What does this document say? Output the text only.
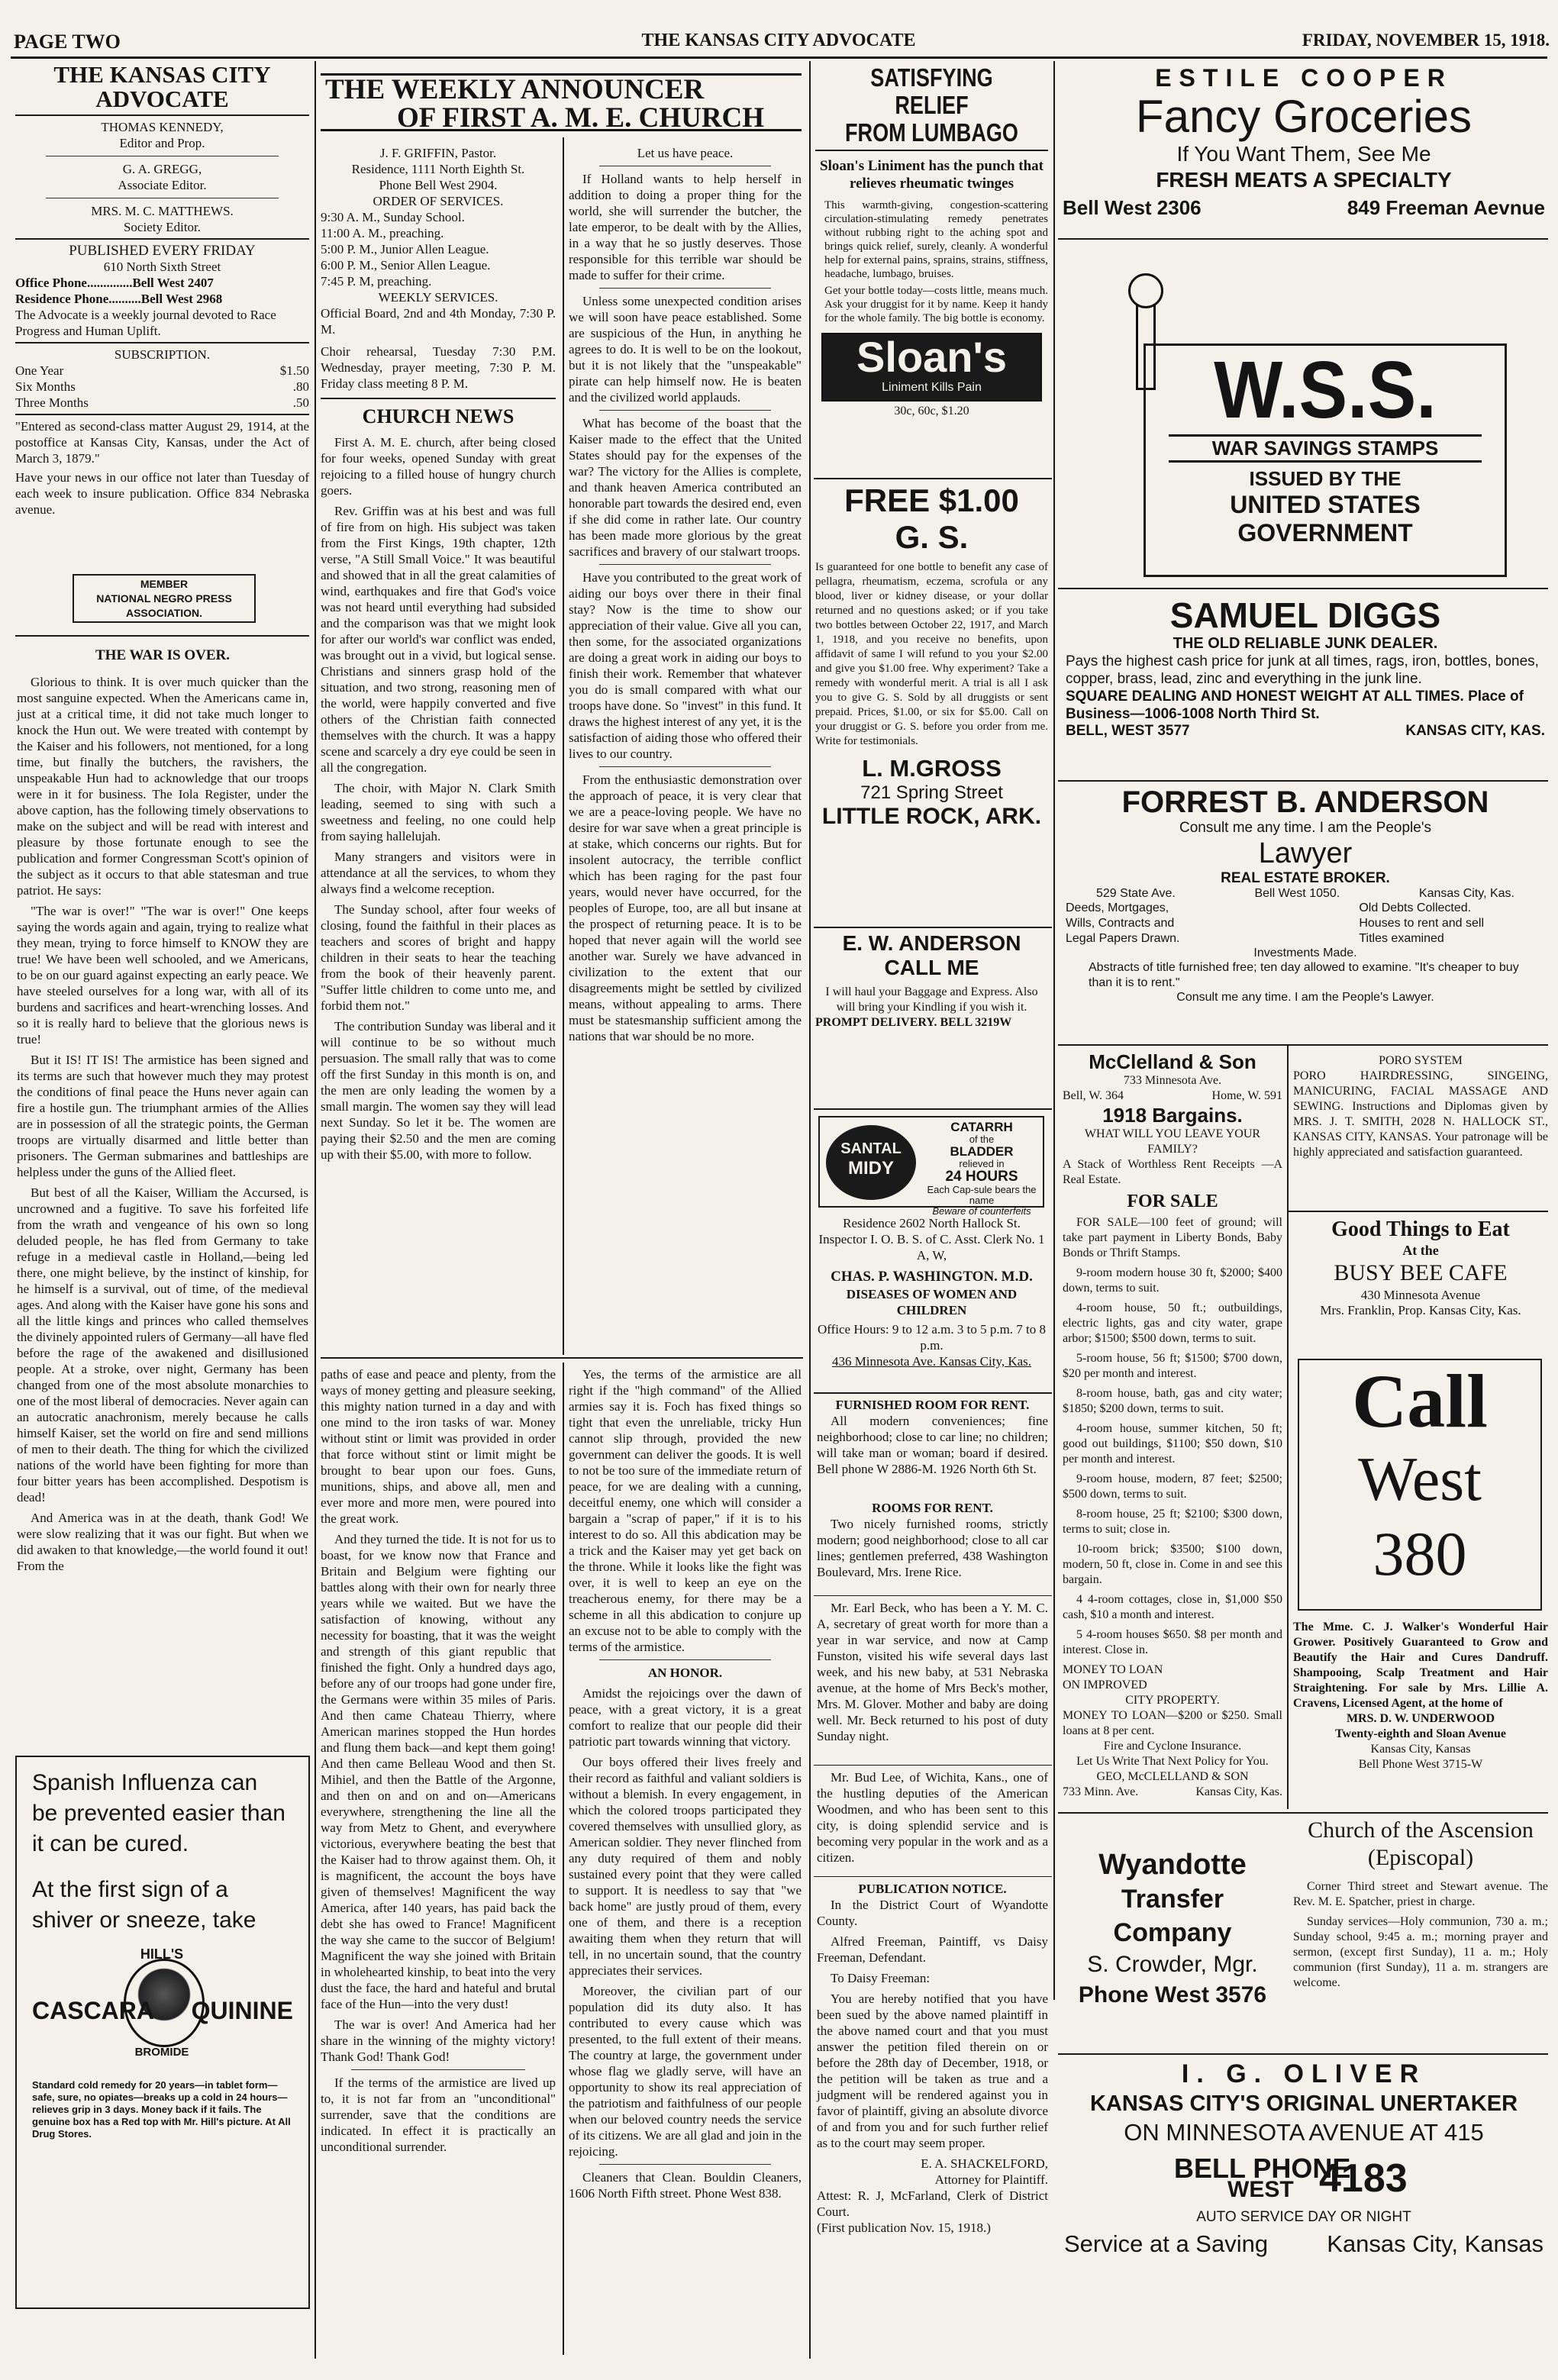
PAGE TWO	THE KANSAS CITY ADVOCATE	FRIDAY, NOVEMBER 15, 1918.
THE KANSAS CITY
ADVOCATE
THOMAS KENNEDY,
Editor and Prop.
G. A. GREGG,
Associate Editor.
MRS. M. C. MATTHEWS.
Society Editor.
PUBLISHED EVERY FRIDAY
610 North Sixth Street
Office Phone..............Bell West 2407
Residence Phone..........Bell West 2968
The Advocate is a weekly journal devoted to Race Progress and Human Uplift.
SUBSCRIPTION.
One Year	$1.50
Six Months	.80
Three Months	.50
"Entered as second-class matter August 29, 1914, at the postoffice at Kansas City, Kansas, under the Act of March 3, 1879."
Have your news in our office not later than Tuesday of each week to insure publication. Office 834 Nebraska avenue.
MEMBER
NATIONAL NEGRO PRESS
ASSOCIATION.
THE WAR IS OVER.

Glorious to think. It is over much quicker than the most sanguine expected. When the Americans came in, just at a critical time, it did not take much longer to knock the Hun out. We were treated with contempt by the Kaiser and his followers, not mentioned, for a long time, but finally the butchers, the ravishers, the unspeakable Hun had to acknowledge that our troops were in it for business. The Iola Register, under the above caption, has the following timely observations to make on the subject and will be read with interest and pleasure by those fortunate enough to see the publication and former Congressman Scott's opinion of the subject as it occurs to that able statesman and true patriot. He says:

"The war is over!" "The war is over!" One keeps saying the words again and again, trying to realize what they mean, trying to force himself to KNOW they are true! We have been well schooled, and we Americans, to be on our guard against expecting an early peace. We have steeled ourselves for a long war, with all of its burdens and sacrifices and heart-wrenching losses. And so it is really hard to believe that the glorious news is true!

But it IS! IT IS! The armistice has been signed and its terms are such that however much they may protest the conditions of final peace the Huns never again can fire a hostile gun. The triumphant armies of the Allies are in possession of all the strategic points, the German troops are virtually disarmed and little better than prisoners. The German submarines and battleships are helpless under the guns of the Allied fleet.

But best of all the Kaiser, William the Accursed, is uncrowned and a fugitive. To save his forfeited life from the wrath and vengeance of his own so long deluded people, he has fled from Germany to take refuge in a medieval castle in Holland,—being led there, one might believe, by the instinct of kinship, for he himself is a survival, out of time, of the medieval ages. And along with the Kaiser have gone his sons and all the little kings and princes who called themselves the divinely appointed rulers of Germany—all have fled before the rage of the awakened and disillusioned people. At a stroke, over night, Germany has been changed from one of the most absolute monarchies to one of the most liberal of democracies. Never again can an autocratic anachronism, merely because he calls himself Kaiser, set the world on fire and send millions of men to their death. The thing for which the civilized nations of the world have been fighting for more than four bitter years has been accomplished. Despotism is dead!

And America was in at the death, thank God! We were slow realizing that it was our fight. But when we did awaken to that knowledge,—the world found it out! From the

Spanish Influenza can
be prevented easier than
it can be cured.
At the first sign of a
shiver or sneeze, take
HILL'S
CASCARA QUININE
BROMIDE
Standard cold remedy for 20 years—in tablet form—safe, sure, no opiates—breaks up a cold in 24 hours—relieves grip in 3 days. Money back if it fails. The genuine box has a Red top with Mr. Hill's picture. At All Drug Stores.
THE WEEKLY ANNOUNCER
OF FIRST A. M. E. CHURCH
J. F. GRIFFIN, Pastor.
Residence, 1111 North Eighth St.
Phone Bell West 2904.
ORDER OF SERVICES.
9:30 A. M., Sunday School.
11:00 A. M., preaching.
5:00 P. M., Junior Allen League.
6:00 P. M., Senior Allen League.
7:45 P. M, preaching.
WEEKLY SERVICES.
Official Board, 2nd and 4th Monday, 7:30 P. M.
Choir rehearsal, Tuesday 7:30 P.M. Wednesday, prayer meeting, 7:30 P. M. Friday class meeting 8 P. M.
CHURCH NEWS

First A. M. E. church, after being closed for four weeks, opened Sunday with great rejoicing to a filled house of hungry church goers.

Rev. Griffin was at his best and was full of fire from on high. His subject was taken from the First Kings, 19th chapter, 12th verse, "A Still Small Voice." It was beautiful and showed that in all the great calamities of wind, earthquakes and fire that God's voice was not heard until everything had subsided and the comparison was that we might look for after our world's war conflict was ended, was brought out in a vivid, but logical sense. Christians and sinners grasp hold of the situation, and two strong, reasoning men of the world, were happily converted and five others of the Christian faith connected themselves with the church. It was a happy scene and scarcely a dry eye could be seen in all the congregation.

The choir, with Major N. Clark Smith leading, seemed to sing with such a sweetness and feeling, no one could help from saying hallelujah.

Many strangers and visitors were in attendance at all the services, to whom they always find a welcome reception.

The Sunday school, after four weeks of closing, found the faithful in their places as teachers and scores of bright and happy children in their seats to hear the teaching from the book of their heavenly parent. "Suffer little children to come unto me, and forbid them not."

The contribution Sunday was liberal and it will continue to be so without much persuasion. The small rally that was to come off the first Sunday in this month is on, and the men are only leading the women by a small margin. The women say they will lead next Sunday. So let it be. The women are paying their $2.50 and the men are coming up with their $5.00, with more to follow.

Let us have peace.

If Holland wants to help herself in addition to doing a proper thing for the world, she will surrender the butcher, the late emperor, to be dealt with by the Allies, in a way that he so justly deserves. Those responsible for this terrible war should be made to suffer for their crime.

Unless some unexpected condition arises we will soon have peace established. Some are suspicious of the Hun, in anything he agrees to do. It is well to be on the lookout, but it is not likely that the "unspeakable" pirate can help himself now. He is beaten and the civilized world applauds.

What has become of the boast that the Kaiser made to the effect that the United States should pay for the expenses of the war? The victory for the Allies is complete, and thank heaven America contributed an honorable part towards the desired end, even if she did come in rather late. Our country has been made more glorious by the great sacrifices and bravery of our stalwart troops.

Have you contributed to the great work of aiding our boys over there in their final stay? Now is the time to show our appreciation of their value. Give all you can, then some, for the associated organizations are doing a great work in aiding our boys to finish their work. Remember that whatever you do is small compared with what our troops have done. So "invest" in this fund. It draws the highest interest of any yet, it is the satisfaction of aiding those who offered their lives to our country.

From the enthusiastic demonstration over the approach of peace, it is very clear that we are a peace-loving people. We have no desire for war save when a great principle is at stake, which concerns our rights. But for insolent autocracy, the terrible conflict which has been raging for the past four years, would never have occurred, for the peoples of Europe, too, are all but insane at the prospect of returning peace. It is to be hoped that never again will the world see another war. Surely we have advanced in civilization to the extent that our disagreements might be settled by civilized means, without appealing to arms. There must be statesmanship sufficient among the nations that war should be no more.

paths of ease and peace and plenty, from the ways of money getting and pleasure seeking, this mighty nation turned in a day and with one mind to the iron tasks of war. Money without stint or limit was provided in order that force without stint or limit might be brought to bear upon our foes. Guns, munitions, ships, and above all, men and ever more and more men, were poured into the great work.

And they turned the tide. It is not for us to boast, for we know now that France and Britain and Belgium were fighting our battles along with their own for nearly three years while we waited. But we have the satisfaction of knowing, without any necessity for boasting, that it was the weight and strength of this giant republic that finished the fight. Only a hundred days ago, before any of our troops had gone under fire, the Germans were within 35 miles of Paris. And then came Chateau Thierry, where American marines stopped the Hun hordes and flung them back—and kept them going! And then came Belleau Wood and then St. Mihiel, and then the Battle of the Argonne, and then on and on and on—Americans everywhere, strengthening the line all the way from Metz to Ghent, and everywhere victorious, everywhere beating the best that the Kaiser had to throw against them. Oh, it is magnificent, the account the boys have given of themselves! Magnificent the way America, after 140 years, has paid back the debt she has owed to France! Magnificent the way she came to the succor of Belgium! Magnificent the way she joined with Britain in wholehearted kinship, to beat into the very dust the face, the hard and hateful and brutal face of the Hun—into the very dust!

The war is over! And America had her share in the winning of the mighty victory! Thank God! Thank God!

If the terms of the armistice are lived up to, it is not far from an "unconditional" surrender, save that the conditions are indicated. In effect it is practically an unconditional surrender.

Yes, the terms of the armistice are all right if the "high command" of the Allied armies say it is. Foch has fixed things so tight that even the unreliable, tricky Hun cannot slip through, provided the new government can deliver the goods. It is well to not be too sure of the immediate return of peace, for we are dealing with a cunning, deceitful enemy, one which will consider a bargain a "scrap of paper," if it is to his interest to do so. All this abdication may be a trick and the Kaiser may yet get back on the throne. While it looks like the fight was over, it is well to keep an eye on the treacherous enemy, for there may be a scheme in all this abdication to conjure up an excuse not to be able to comply with the terms of the armistice.

AN HONOR.

Amidst the rejoicings over the dawn of peace, with a great victory, it is a great comfort to realize that our people did their patriotic part towards winning that victory.

Our boys offered their lives freely and their record as faithful and valiant soldiers is without a blemish. In every engagement, in which the colored troops participated they covered themselves with unsullied glory, as American soldier. They never flinched from any duty required of them and nobly sustained every point that they were called to support. It is needless to say that "we back home" are justly proud of them, every one of them, and there is a reception awaiting them when they return that will tell, in no uncertain sound, that the country appreciates their services.

Moreover, the civilian part of our population did its duty also. It has contributed to every cause which was presented, to the full extent of their means. The country at large, the government under whose flag we gladly serve, will have an opportunity to show its real appreciation of the patriotism and faithfulness of our people when our beloved country needs the service of its citizens. We are all glad and join in the rejoicing.

Cleaners that Clean. Bouldin Cleaners, 1606 North Fifth street. Phone West 838.

SATISFYING RELIEF
FROM LUMBAGO
Sloan's Liniment has the punch that relieves rheumatic twinges
This warmth-giving, congestion-scattering circulation-stimulating remedy penetrates without rubbing right to the aching spot and brings quick relief, surely, cleanly. A wonderful help for external pains, sprains, strains, stiffness, headache, lumbago, bruises.
Get your bottle today—costs little, means much. Ask your druggist for it by name. Keep it handy for the whole family. The big bottle is economy.
Sloan's
Liniment Kills Pain
30c, 60c, $1.20
FREE $1.00
G. S.
Is guaranteed for one bottle to benefit any case of pellagra, rheumatism, eczema, scrofula or any blood, liver or kidney disease, or your dollar returned and no questions asked; or if you take two bottles between October 22, 1917, and March 1, 1918, and you receive no benefits, upon affidavit of same I will refund to you your $2.00 and give you $1.00 free. Why experiment? Take a remedy with wonderful merit. A trial is all I ask you to give G. S. Sold by all druggists or sent prepaid. Prices, $1.00, or six for $5.00. Call on your druggist or G. S. before you order from me. Write for testimonials.
L. M.GROSS
721 Spring Street
LITTLE ROCK, ARK.
E. W. ANDERSON
CALL ME
I will haul your Baggage and Express. Also will bring your Kindling if you wish it.
PROMPT DELIVERY. BELL 3219W
SANTAL
MIDY
CATARRH
of the
BLADDER
relieved in
24 HOURS
Each Cap-sule bears the name
Beware of counterfeits
Residence 2602 North Hallock St.
Inspector I. O. B. S. of C. Asst. Clerk No. 1 A, W,
CHAS. P. WASHINGTON. M.D.
DISEASES OF WOMEN AND CHILDREN
Office Hours: 9 to 12 a.m. 3 to 5 p.m. 7 to 8 p.m.
436 Minnesota Ave. Kansas City, Kas.
FURNISHED ROOM FOR RENT.

All modern conveniences; fine neighborhood; close to car line; no children; will take man or woman; board if desired. Bell phone W 2886-M. 1926 North 6th St.

ROOMS FOR RENT.

Two nicely furnished rooms, strictly modern; good neighborhood; close to all car lines; gentlemen preferred, 438 Washington Boulevard, Mrs. Irene Rice.

Mr. Earl Beck, who has been a Y. M. C. A, secretary of great worth for more than a year in war service, and now at Camp Funston, visited his wife several days last week, and his new baby, at 531 Nebraska avenue, at the home of Mrs Beck's mother, Mrs. M. Glover. Mother and baby are doing well. Mr. Beck returned to his post of duty Sunday night.

Mr. Bud Lee, of Wichita, Kans., one of the hustling deputies of the American Woodmen, and who has been sent to this city, is doing splendid service and is becoming very popular in the work and as a citizen.

PUBLICATION NOTICE.

In the District Court of Wyandotte County.

Alfred Freeman, Paintiff, vs Daisy Freeman, Defendant.

To Daisy Freeman:

You are hereby notified that you have been sued by the above named plaintiff in the above named court and that you must answer the petition filed therein on or before the 28th day of December, 1918, or the petition will be taken as true and a judgment will be rendered against you in favor of plaintiff, giving an absolute divorce of and from you and for such further relief as to the court may seem proper.

E. A. SHACKELFORD,
Attorney for Plaintiff.
Attest: R. J, McFarland, Clerk of District Court.
(First publication Nov. 15, 1918.)
ESTILE COOPER
Fancy Groceries
If You Want Them, See Me
FRESH MEATS A SPECIALTY
Bell West 2306	849 Freeman Aevnue
W.S.S.
WAR SAVINGS STAMPS
ISSUED BY THE
UNITED STATES
GOVERNMENT
SAMUEL DIGGS
THE OLD RELIABLE JUNK DEALER.
Pays the highest cash price for junk at all times, rags, iron, bottles, bones, copper, brass, lead, zinc and everything in the junk line.
SQUARE DEALING AND HONEST WEIGHT AT ALL TIMES. Place of Business—1006-1008 North Third St.
BELL, WEST 3577	KANSAS CITY, KAS.
FORREST B. ANDERSON
Consult me any time. I am the People's
Lawyer
REAL ESTATE BROKER.
529 State Ave.	Bell West 1050.	Kansas City, Kas.
Deeds, Mortgages,
Wills, Contracts and
Legal Papers Drawn.
Old Debts Collected.
Houses to rent and sell
Titles examined
Investments Made.
Abstracts of title furnished free; ten day allowed to examine. "It's cheaper to buy than it is to rent."
Consult me any time. I am the People's Lawyer.
McClelland & Son
733 Minnesota Ave.
Bell, W. 364	Home, W. 591
1918 Bargains.
WHAT WILL YOU LEAVE YOUR FAMILY?
A Stack of Worthless Rent Receipts —A Real Estate.
FOR SALE

FOR SALE—100 feet of ground; will take part payment in Liberty Bonds, Baby Bonds or Thrift Stamps.

9-room modern house 30 ft, $2000; $400 down, terms to suit.

4-room house, 50 ft.; outbuildings, electric lights, gas and city water, grape arbor; $1500; $500 down, terms to suit.

5-room house, 56 ft; $1500; $700 down, $20 per month and interest.

8-room house, bath, gas and city water; $1850; $200 down, terms to suit.

4-room house, summer kitchen, 50 ft; good out buildings, $1100; $50 down, $10 per month and interest.

9-room house, modern, 87 feet; $2500; $500 down, terms to suit.

8-room house, 25 ft; $2100; $300 down, terms to suit; close in.

10-room brick; $3500; $100 down, modern, 50 ft, close in. Come in and see this bargain.

4 4-room cottages, close in, $1,000 $50 cash, $10 a month and interest.

5 4-room houses $650. $8 per month and interest. Close in.

MONEY TO LOAN
ON IMPROVED
CITY PROPERTY.
MONEY TO LOAN—$200 or $250. Small loans at 8 per cent.
Fire and Cyclone Insurance.
Let Us Write That Next Policy for You.
GEO, McCLELLAND & SON
733 Minn. Ave.	Kansas City, Kas.
PORO SYSTEM
PORO HAIRDRESSING, SINGEING, MANICURING, FACIAL MASSAGE AND SEWING. Instructions and Diplomas given by MRS. J. T. SMITH, 2028 N. HALLOCK ST., KANSAS CITY, KANSAS. Your patronage will be highly appreciated and satisfaction guaranteed.
Good Things to Eat
At the
BUSY BEE CAFE
430 Minnesota Avenue
Mrs. Franklin, Prop. Kansas City, Kas.
Call
West
380
The Mme. C. J. Walker's Wonderful Hair Grower. Positively Guaranteed to Grow and Beautify the Hair and Cures Dandruff. Shampooing, Scalp Treatment and Hair Straightening. For sale by Mrs. Lillie A. Cravens, Licensed Agent, at the home of
MRS. D. W. UNDERWOOD
Twenty-eighth and Sloan Avenue
Kansas City, Kansas
Bell Phone West 3715-W
Church of the Ascension (Episcopal)

Corner Third street and Stewart avenue. The Rev. M. E. Spatcher, priest in charge.

Sunday services—Holy communion, 730 a. m.; Sunday school, 9:45 a. m.; morning prayer and sermon, (except first Sunday), 11 a. m.; Holy communion (first Sunday), 11 a. m. strangers are welcome.

Wyandotte
Transfer Company
S. Crowder, Mgr.
Phone West 3576
I. G. OLIVER
KANSAS CITY'S ORIGINAL UNERTAKER
ON MINNESOTA AVENUE AT 415
BELL PHONE
WEST 4183
AUTO SERVICE DAY OR NIGHT
Service at a Saving Kansas City, Kansas
